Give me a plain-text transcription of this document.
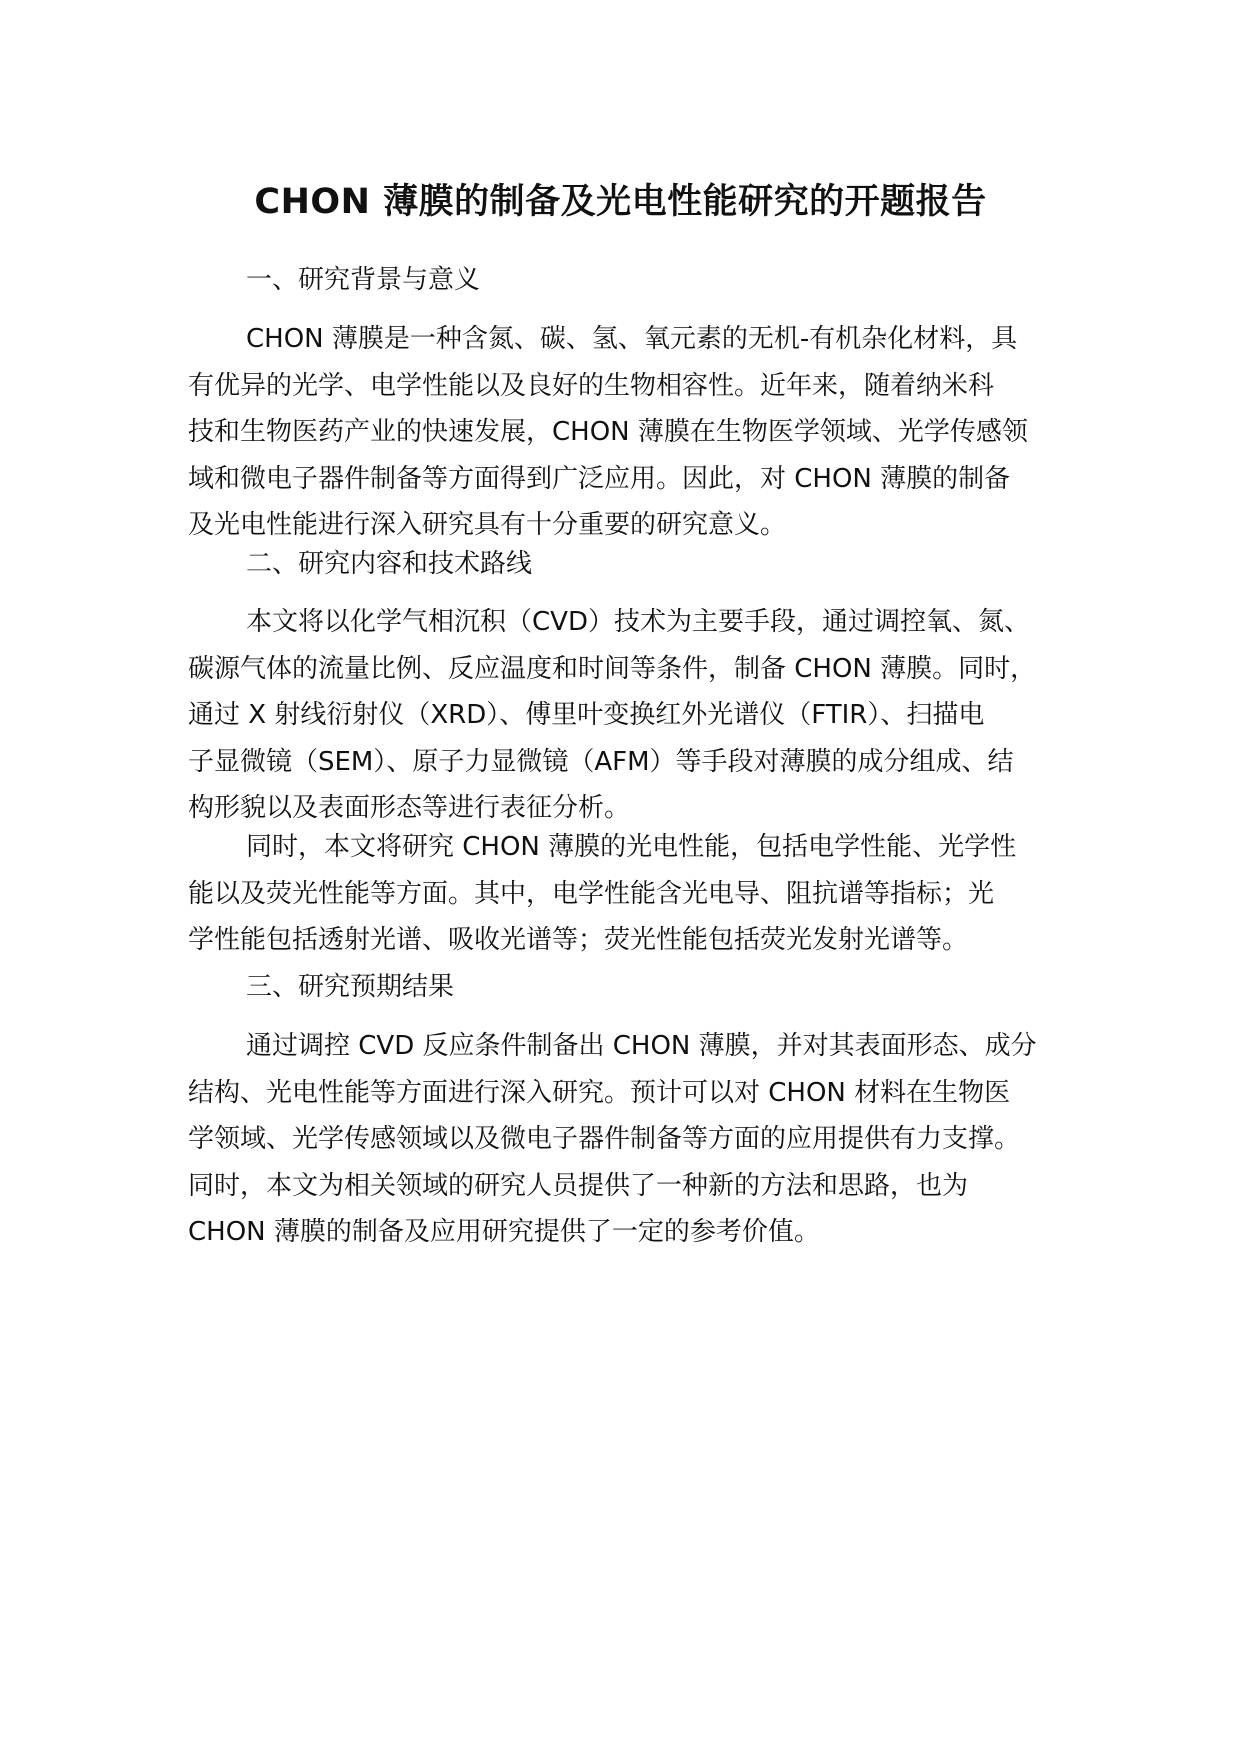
CHON 薄膜的制备及光电性能研究的开题报告
一、研究背景与意义
CHON 薄膜是一种含氮、碳、氢、氧元素的无机-有机杂化材料，具
有优异的光学、电学性能以及良好的生物相容性。近年来，随着纳米科
技和生物医药产业的快速发展，CHON 薄膜在生物医学领域、光学传感领
域和微电子器件制备等方面得到广泛应用。因此，对 CHON 薄膜的制备
及光电性能进行深入研究具有十分重要的研究意义。
二、研究内容和技术路线
本文将以化学气相沉积（CVD）技术为主要手段，通过调控氧、氮、
碳源气体的流量比例、反应温度和时间等条件，制备 CHON 薄膜。同时，
通过 X 射线衍射仪（XRD）、傅里叶变换红外光谱仪（FTIR）、扫描电
子显微镜（SEM）、原子力显微镜（AFM）等手段对薄膜的成分组成、结
构形貌以及表面形态等进行表征分析。
同时，本文将研究 CHON 薄膜的光电性能，包括电学性能、光学性
能以及荧光性能等方面。其中，电学性能含光电导、阻抗谱等指标；光
学性能包括透射光谱、吸收光谱等；荧光性能包括荧光发射光谱等。
三、研究预期结果
通过调控 CVD 反应条件制备出 CHON 薄膜，并对其表面形态、成分
结构、光电性能等方面进行深入研究。预计可以对 CHON 材料在生物医
学领域、光学传感领域以及微电子器件制备等方面的应用提供有力支撑。
同时，本文为相关领域的研究人员提供了一种新的方法和思路，也为
CHON 薄膜的制备及应用研究提供了一定的参考价值。
